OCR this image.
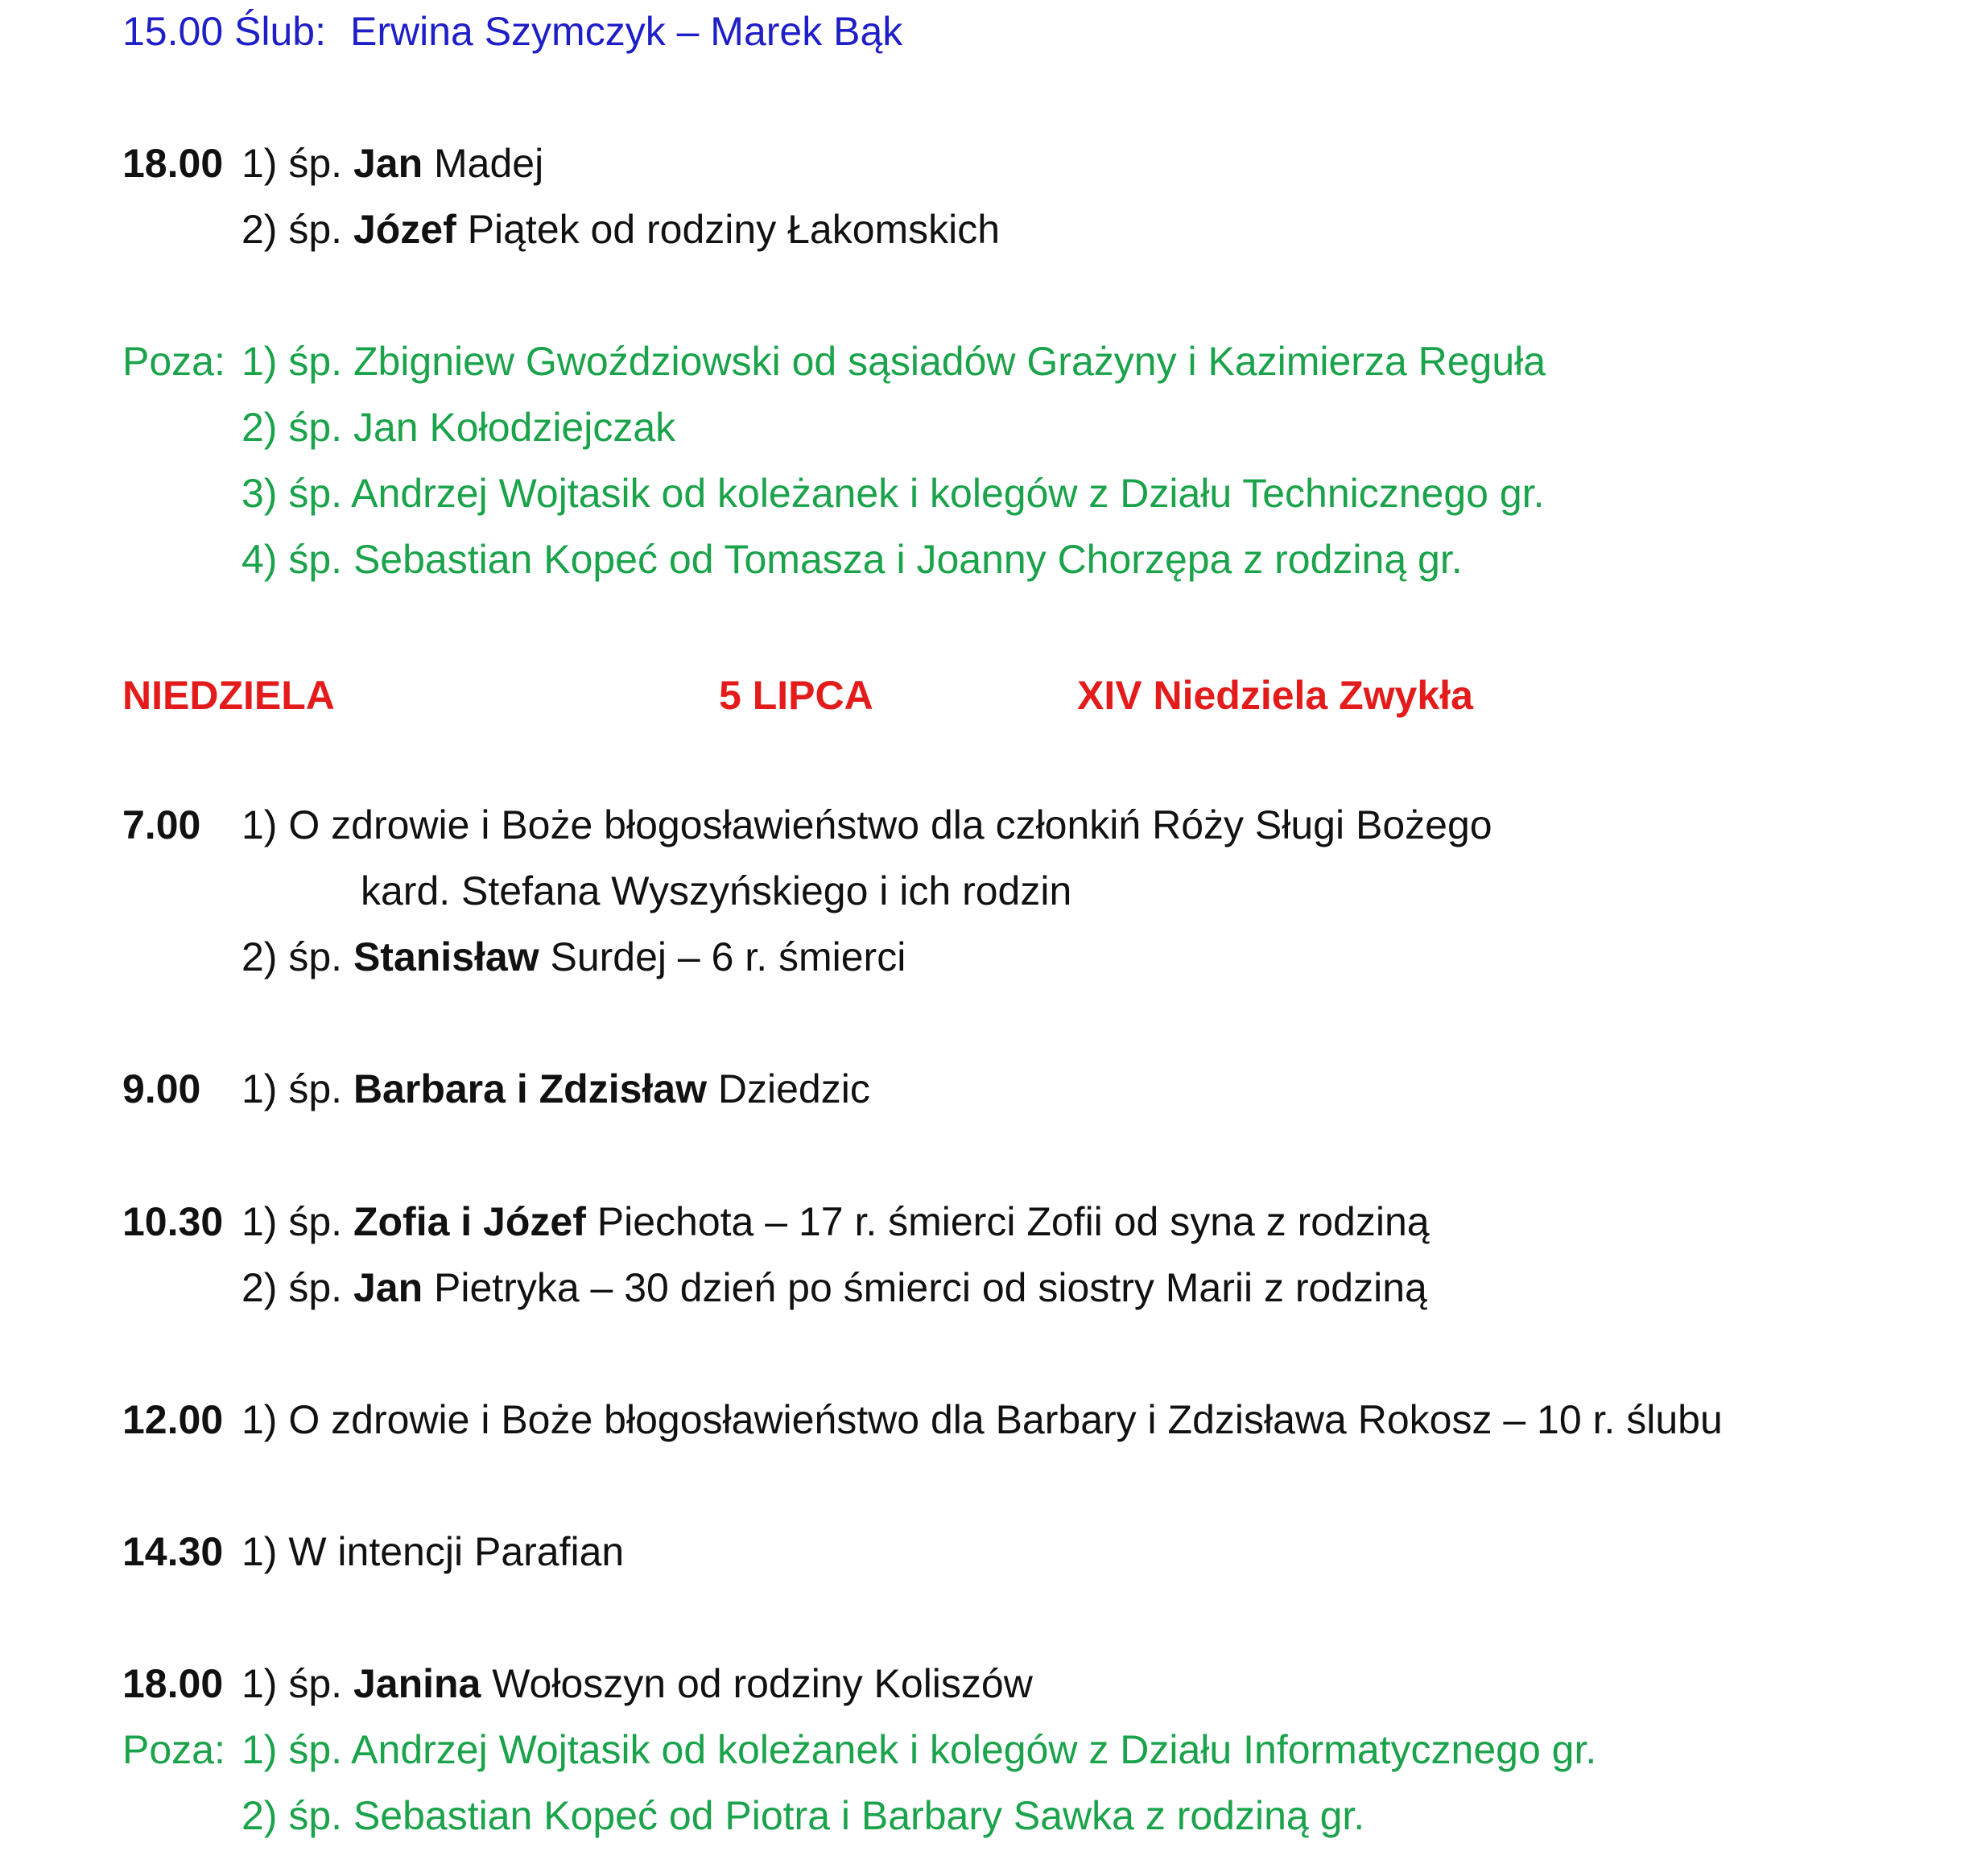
15.00 Ślub: Erwina Szymczyk – Marek Bąk
18.00 1) śp. Jan Madej
2) śp. Józef Piątek od rodziny Łakomskich
Poza: 1) śp. Zbigniew Gwoździowski od sąsiadów Grażyny i Kazimierza Reguła
2) śp. Jan Kołodziejczak
3) śp. Andrzej Wojtasik od koleżanek i kolegów z Działu Technicznego gr.
4) śp. Sebastian Kopeć od Tomasza i Joanny Chorzępa z rodziną gr.
NIEDZIELA	5 LIPCA	XIV Niedziela Zwykła
7.00 1) O zdrowie i Boże błogosławieństwo dla członkiń Róży Sługi Bożego
kard. Stefana Wyszyńskiego i ich rodzin
2) śp. Stanisław Surdej – 6 r. śmierci
9.00 1) śp. Barbara i Zdzisław Dziedzic
10.30 1) śp. Zofia i Józef Piechota – 17 r. śmierci Zofii od syna z rodziną
2) śp. Jan Pietryka – 30 dzień po śmierci od siostry Marii z rodziną
12.00 1) O zdrowie i Boże błogosławieństwo dla Barbary i Zdzisława Rokosz – 10 r. ślubu
14.30 1) W intencji Parafian
18.00 1) śp. Janina Wołoszyn od rodziny Koliszów
Poza: 1) śp. Andrzej Wojtasik od koleżanek i kolegów z Działu Informatycznego gr.
2) śp. Sebastian Kopeć od Piotra i Barbary Sawka z rodziną gr.
